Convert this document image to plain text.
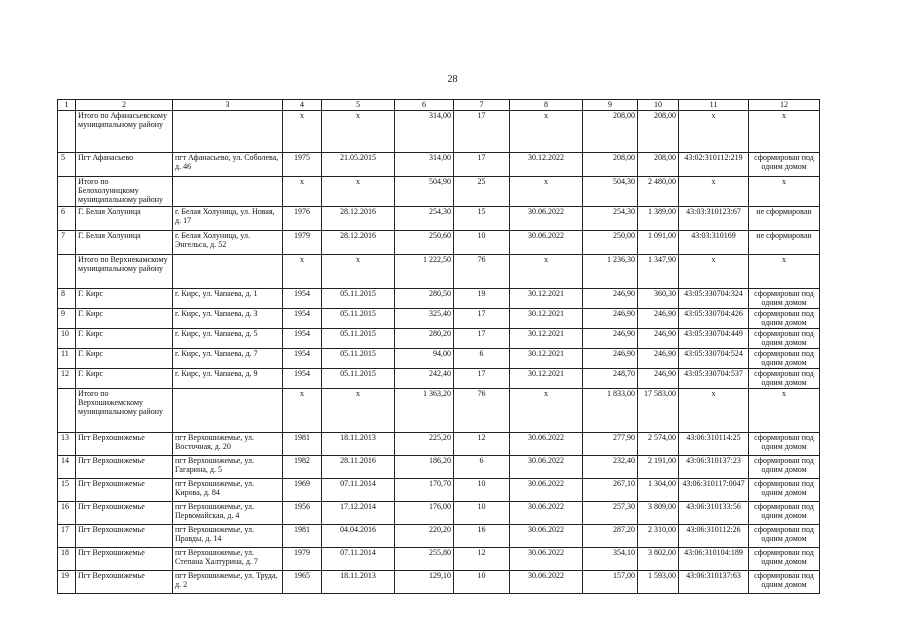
28
1	2	3	4	5	6	7	8	9	10	11	12
	Итого по Афанасьевскому муниципальному району		x	x	314,00	17	x	208,00	208,00	x	x
5	Пгт Афанасьево	пгт Афанасьево, ул. Соболева, д. 46	1975	21.05.2015	314,00	17	30.12.2022	208,00	208,00	43:02:310112:219	сформирован под одним домом
	Итого по Белохолуницкому муниципальному району		x	x	504,90	25	x	504,30	2 480,00	x	x
6	Г. Белая Холуница	г. Белая Холуница, ул. Новая, д. 17	1976	28.12.2016	254,30	15	30.06.2022	254,30	1 389,00	43:03:310123:67	не сформирован
7	Г. Белая Холуница	г. Белая Холуница, ул. Энгельса, д. 52	1979	28.12.2016	250,60	10	30.06.2022	250,00	1 091,00	43:03:310169	не сформирован
	Итого по Верхнекамскому муниципальному району		x	x	1 222,50	76	x	1 236,30	1 347,90	x	x
8	Г. Кирс	г. Кирс, ул. Чапаева, д. 1	1954	05.11.2015	280,50	19	30.12.2021	246,90	360,30	43:05:330704:324	сформирован под одним домом
9	Г. Кирс	г. Кирс, ул. Чапаева, д. 3	1954	05.11.2015	325,40	17	30.12.2021	246,90	246,90	43:05:330704:426	сформирован под одним домом
10	Г. Кирс	г. Кирс, ул. Чапаева, д. 5	1954	05.11.2015	280,20	17	30.12.2021	246,90	246,90	43:05:330704:449	сформирован под одним домом
11	Г. Кирс	г. Кирс, ул. Чапаева, д. 7	1954	05.11.2015	94,00	6	30.12.2021	246,90	246,90	43:05:330704:524	сформирован под одним домом
12	Г. Кирс	г. Кирс, ул. Чапаева, д. 9	1954	05.11.2015	242,40	17	30.12.2021	248,70	246,90	43:05:330704:537	сформирован под одним домом
	Итого по Верхошижемскому муниципальному району		x	x	1 363,20	76	x	1 833,00	17 583,00	x	x
13	Пгт Верхошижемье	пгт Верхошижемье, ул. Восточная, д. 20	1981	18.11.2013	225,20	12	30.06.2022	277,90	2 574,00	43:06:310114:25	сформирован под одним домом
14	Пгт Верхошижемье	пгт Верхошижемье, ул. Гагарина, д. 5	1982	28.11.2016	186,20	6	30.06.2022	232,40	2 191,00	43:06:310137:23	сформирован под одним домом
15	Пгт Верхошижемье	пгт Верхошижемье, ул. Кирова, д. 84	1969	07.11.2014	170,70	10	30.06.2022	267,10	1 304,00	43:06:310117:0047	сформирован под одним домом
16	Пгт Верхошижемье	пгт Верхошижемье, ул. Первомайская, д. 4	1956	17.12.2014	176,00	10	30.06.2022	257,30	3 809,00	43:06:310133:56	сформирован под одним домом
17	Пгт Верхошижемье	пгт Верхошижемье, ул. Правды, д. 14	1981	04.04.2016	220,20	16	30.06.2022	287,20	2 310,00	43:06:310112:26	сформирован под одним домом
18	Пгт Верхошижемье	пгт Верхошижемье, ул. Степана Халтурина, д. 7	1979	07.11.2014	255,80	12	30.06.2022	354,10	3 802,00	43:06:310104:189	сформирован под одним домом
19	Пгт Верхошижемье	пгт Верхошижемье, ул. Труда, д. 2	1965	18.11.2013	129,10	10	30.06.2022	157,00	1 593,00	43:06:310137:63	сформирован под одним домом
